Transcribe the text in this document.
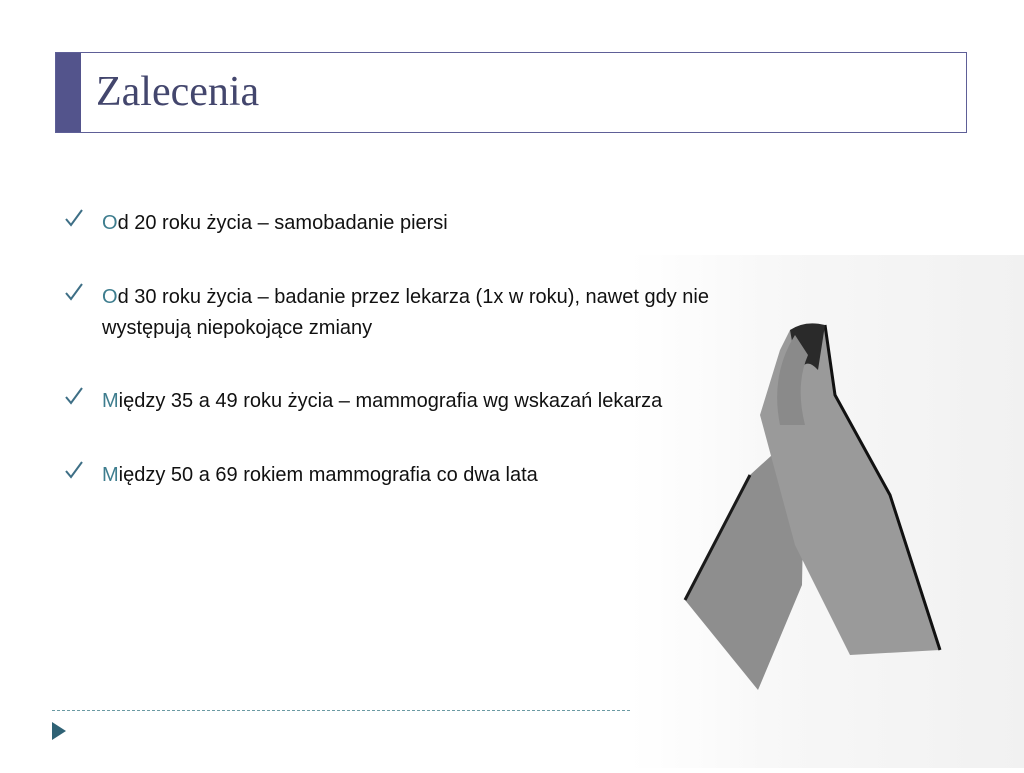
Zalecenia
Od 20 roku życia – samobadanie piersi
Od 30 roku życia – badanie przez lekarza (1x w roku), nawet gdy nie występują niepokojące zmiany
Między 35 a 49 roku życia – mammografia wg wskazań lekarza
Między 50 a 69 rokiem mammografia co dwa lata
